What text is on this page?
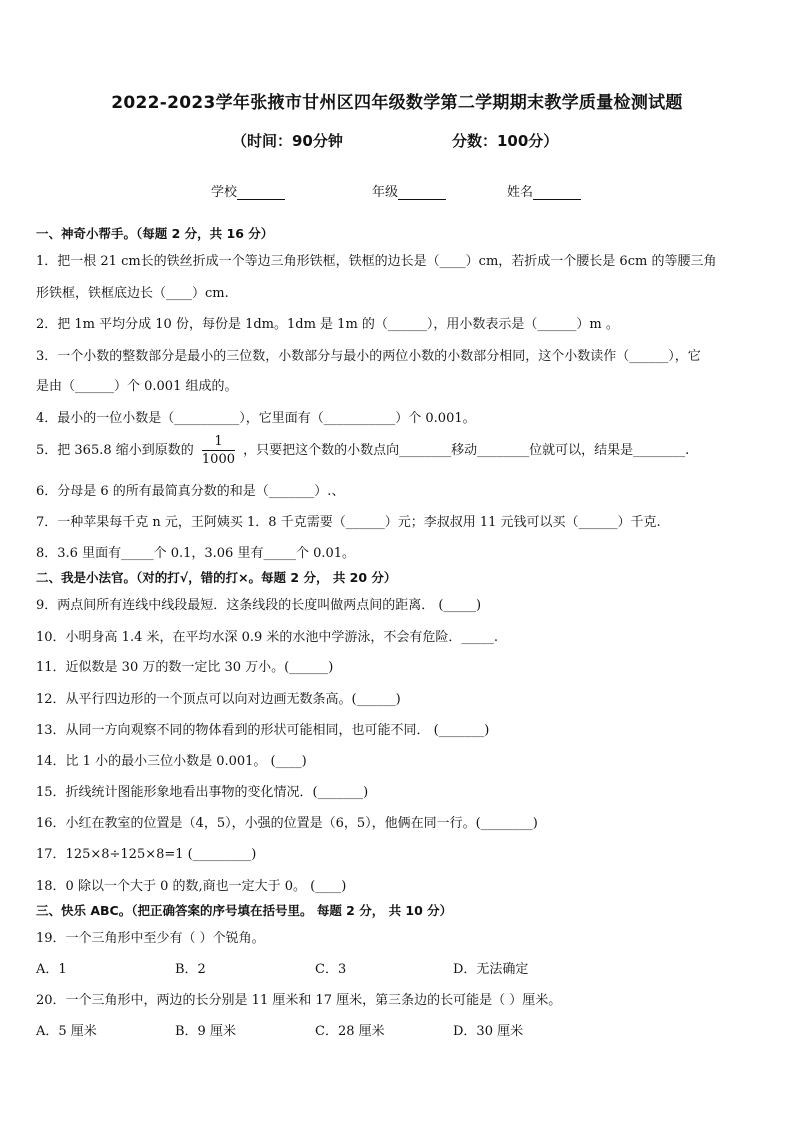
2022-2023学年张掖市甘州区四年级数学第二学期期末教学质量检测试题
（时间：90分钟	分数：100分）
学校	年级	姓名
一、神奇小帮手。（每题 2 分，共 16 分）
1．把一根 21 cm长的铁丝折成一个等边三角形铁框，铁框的边长是（____）cm，若折成一个腰长是 6cm 的等腰三角
形铁框，铁框底边长（____）cm.
2．把 1m 平均分成 10 份，每份是 1dm。1dm 是 1m 的（______），用小数表示是（______）m 。
3．一个小数的整数部分是最小的三位数，小数部分与最小的两位小数的小数部分相同，这个小数读作（______），它
是由（______）个 0.001 组成的。
4．最小的一位小数是（__________），它里面有（___________）个 0.001。
5．把 365.8 缩小到原数的 $\frac{1}{1000}$ ，只要把这个数的小数点向________移动________位就可以，结果是________.
6．分母是 6 的所有最简真分数的和是（_______）.、
7．一种苹果每千克 n 元，王阿姨买 1．8 千克需要（______）元；李叔叔用 11 元钱可以买（______）千克.
8．3.6 里面有_____个 0.1，3.06 里有_____个 0.01。
二、我是小法官。（对的打√，错的打×。每题 2 分， 共 20 分）
9．两点间所有连线中线段最短．这条线段的长度叫做两点间的距离． (_____)
10．小明身高 1.4 米，在平均水深 0.9 米的水池中学游泳，不会有危险．_____.
11．近似数是 30 万的数一定比 30 万小。(______)
12．从平行四边形的一个顶点可以向对边画无数条高。(______)
13．从同一方向观察不同的物体看到的形状可能相同，也可能不同． (_______)
14．比 1 小的最小三位小数是 0.001。 (____)
15．折线统计图能形象地看出事物的变化情况．(_______)
16．小红在教室的位置是（4，5），小强的位置是（6，5），他俩在同一行。(________)
17．125×8÷125×8=1 (_________)
18．0 除以一个大于 0 的数,商也一定大于 0。 (____)
三、快乐 ABC。（把正确答案的序号填在括号里。 每题 2 分， 共 10 分）
19．一个三角形中至少有（ ）个锐角。
A．1	B．2	C．3	D．无法确定
20．一个三角形中，两边的长分别是 11 厘米和 17 厘米，第三条边的长可能是（ ）厘米。
A．5 厘米	B．9 厘米	C．28 厘米	D．30 厘米
